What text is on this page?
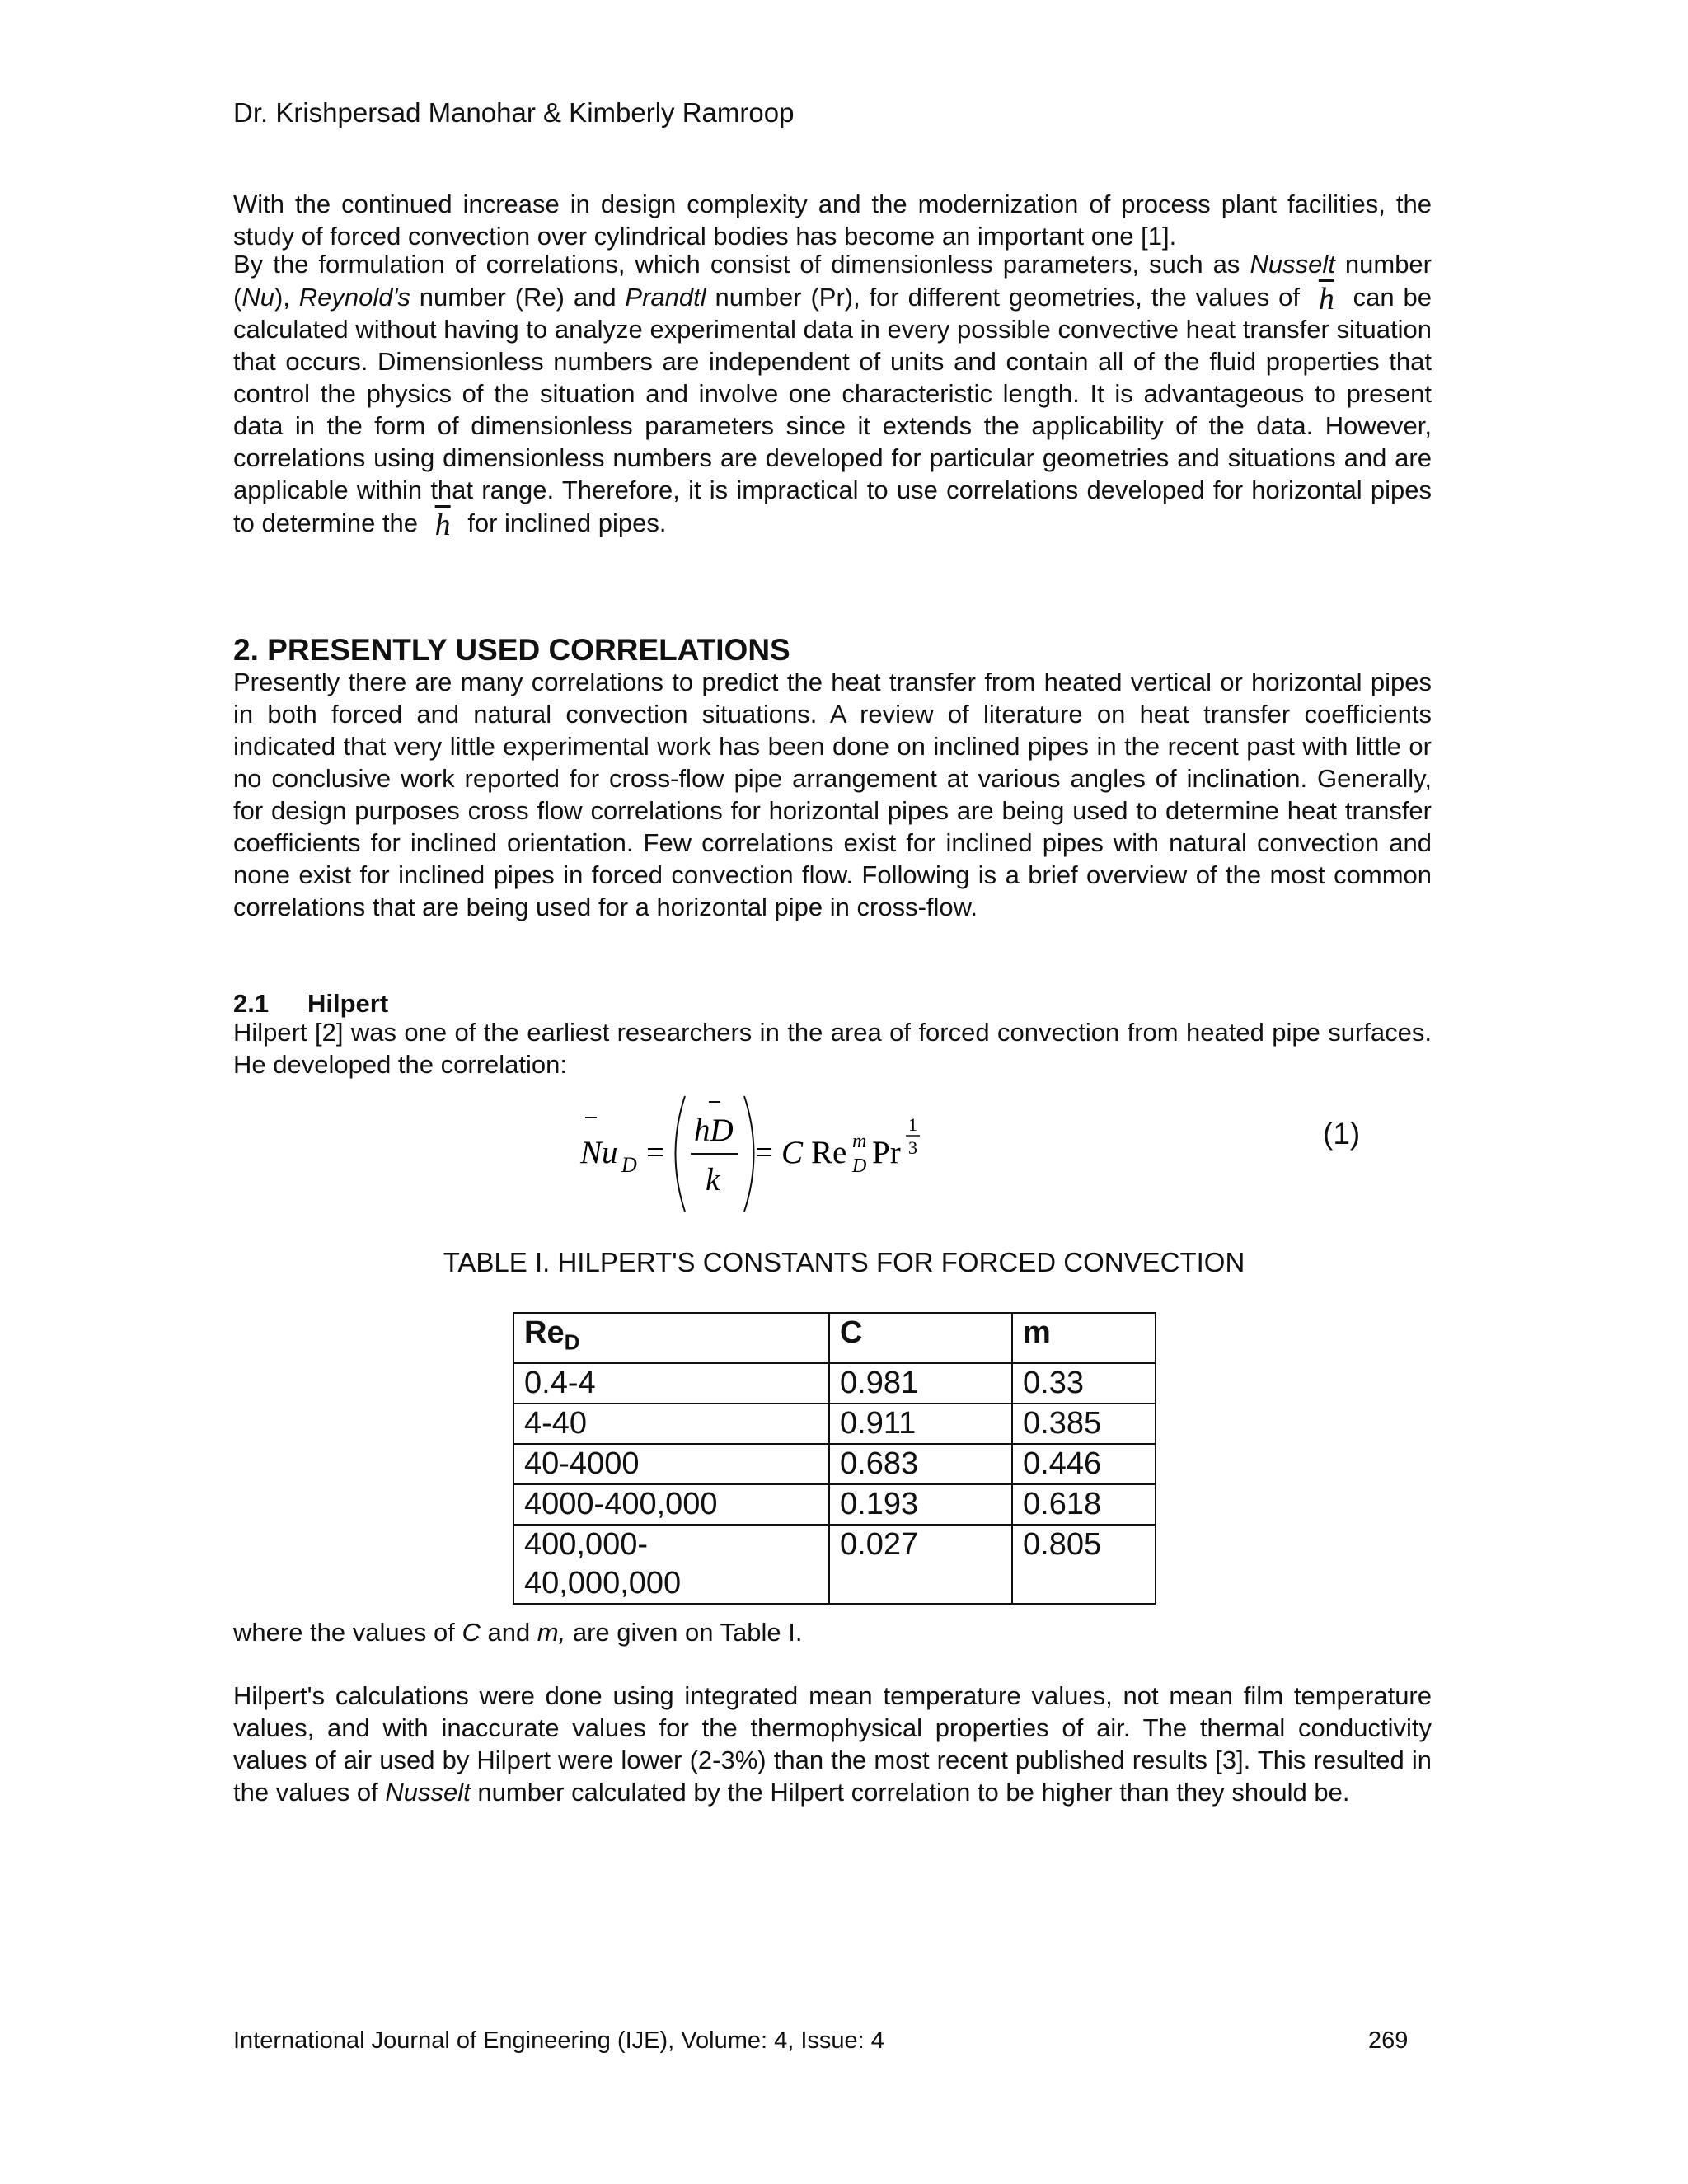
Dr. Krishpersad Manohar & Kimberly Ramroop

With the continued increase in design complexity and the modernization of process plant facilities, the study of forced convection over cylindrical bodies has become an important one [1].

By the formulation of correlations, which consist of dimensionless parameters, such as Nusselt number (Nu), Reynold's number (Re) and Prandtl number (Pr), for different geometries, the values of $\overline{h}$ can be calculated without having to analyze experimental data in every possible convective heat transfer situation that occurs. Dimensionless numbers are independent of units and contain all of the fluid properties that control the physics of the situation and involve one characteristic length. It is advantageous to present data in the form of dimensionless parameters since it extends the applicability of the data. However, correlations using dimensionless numbers are developed for particular geometries and situations and are applicable within that range. Therefore, it is impractical to use correlations developed for horizontal pipes to determine the $\overline{h}$ for inclined pipes.

2. PRESENTLY USED CORRELATIONS

Presently there are many correlations to predict the heat transfer from heated vertical or horizontal pipes in both forced and natural convection situations. A review of literature on heat transfer coefficients indicated that very little experimental work has been done on inclined pipes in the recent past with little or no conclusive work reported for cross-flow pipe arrangement at various angles of inclination. Generally, for design purposes cross flow correlations for horizontal pipes are being used to determine heat transfer coefficients for inclined orientation. Few correlations exist for inclined pipes with natural convection and none exist for inclined pipes in forced convection flow. Following is a brief overview of the most common correlations that are being used for a horizontal pipe in cross-flow.

2.1 Hilpert

Hilpert [2] was one of the earliest researchers in the area of forced convection from heated pipe surfaces. He developed the correlation:

Nu D =
hD
k
= C Re m
D Pr
1
3	(1)
TABLE I. HILPERT'S CONSTANTS FOR FORCED CONVECTION
$Re_D$	C	m
0.4-4	0.981	0.33
4-40	0.911	0.385
40-4000	0.683	0.446
4000-400,000	0.193	0.618
400,000-
40,000,000	0.027	0.805

where the values of C and m, are given on Table I.

Hilpert's calculations were done using integrated mean temperature values, not mean film temperature values, and with inaccurate values for the thermophysical properties of air. The thermal conductivity values of air used by Hilpert were lower (2-3%) than the most recent published results [3]. This resulted in the values of Nusselt number calculated by the Hilpert correlation to be higher than they should be.

International Journal of Engineering (IJE), Volume: 4, Issue: 4	269
